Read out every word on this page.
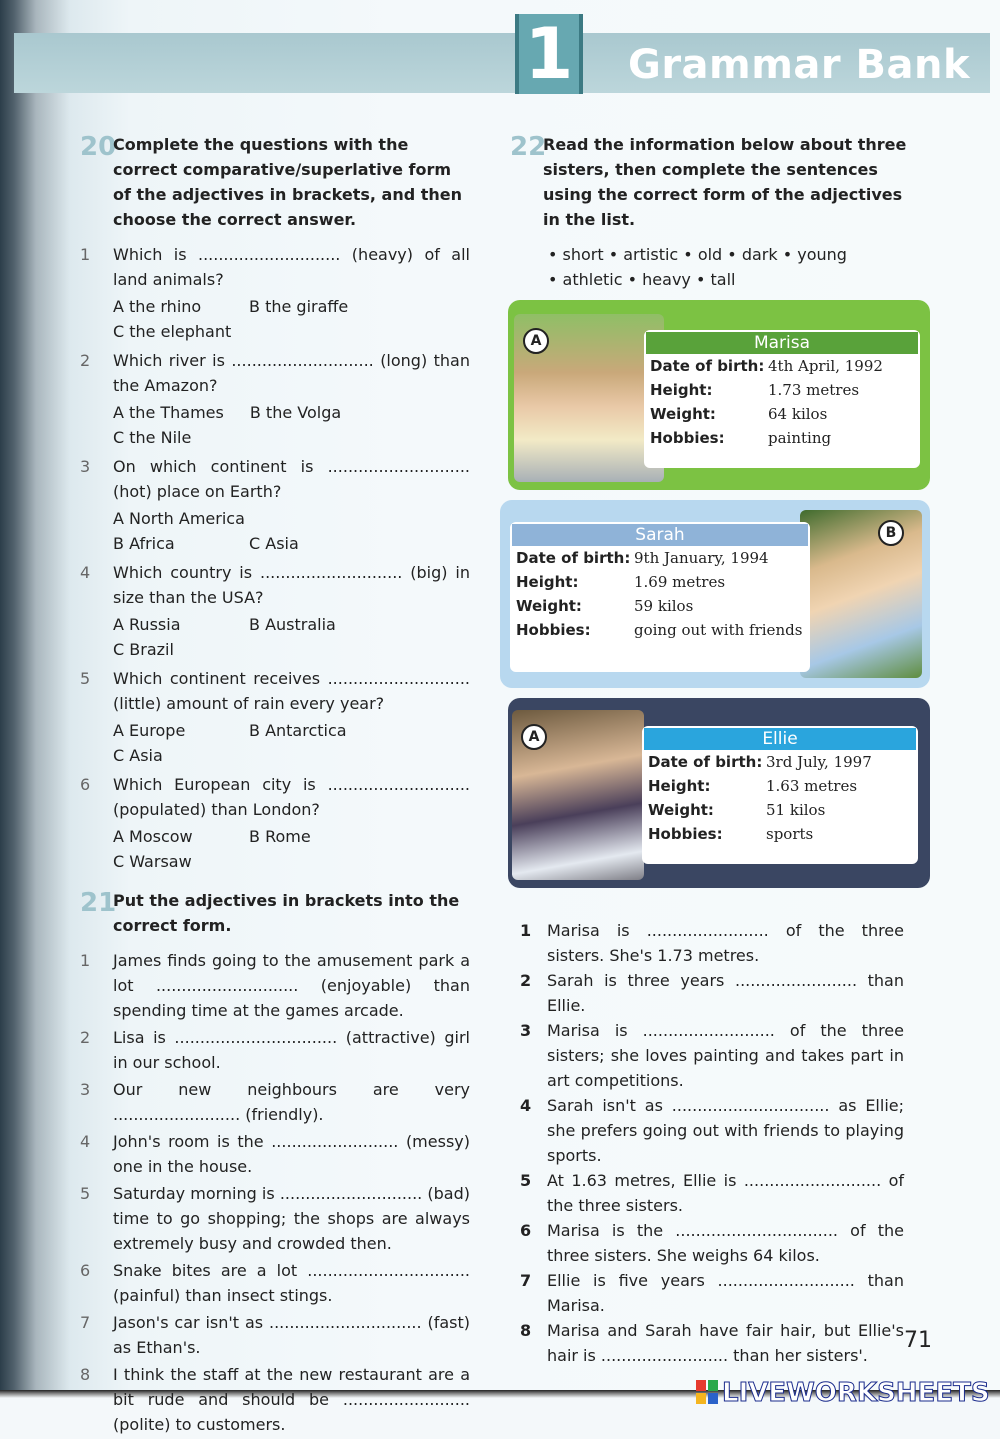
1 Grammar Bank
20
Complete the questions with the correct comparative/superlative form of the adjectives in brackets, and then choose the correct answer.
1	Which is ............................ (heavy) of all land animals?
A the rhino	B the giraffe
C the elephant
2	Which river is ............................ (long) than the Amazon?
A the Thames B the Volga
C the Nile
3	On which continent is ............................ (hot) place on Earth?
A North America
B Africa	C Asia
4	Which country is ............................ (big) in size than the USA?
A Russia	B Australia
C Brazil
5	Which continent receives ............................ (little) amount of rain every year?
A Europe	B Antarctica
C Asia
6	Which European city is ............................ (populated) than London?
A Moscow	B Rome
C Warsaw
21
Put the adjectives in brackets into the correct form.
1	James finds going to the amusement park a lot ............................ (enjoyable) than spending time at the games arcade.
2	Lisa is ................................ (attractive) girl in our school.
3	Our new neighbours are very ......................... (friendly).
4	John's room is the ......................... (messy) one in the house.
5	Saturday morning is ............................ (bad) time to go shopping; the shops are always extremely busy and crowded then.
6	Snake bites are a lot ................................ (painful) than insect stings.
7	Jason's car isn't as .............................. (fast) as Ethan's.
8	I think the staff at the new restaurant are a bit rude and should be ......................... (polite) to customers.
22
Read the information below about three sisters, then complete the sentences using the correct form of the adjectives in the list.
• short • artistic • old • dark • young
• athletic • heavy • tall
Marisa
Date of birth: 4th April, 1992
Height:	1.73 metres
Weight:	64 kilos
Hobbies:	painting
A
Sarah
Date of birth: 9th January, 1994
Height:	1.69 metres
Weight:	59 kilos
Hobbies:	going out with friends
B
Ellie
Date of birth: 3rd July, 1997
Height:	1.63 metres
Weight:	51 kilos
Hobbies:	sports
A
1 Marisa is ........................ of the three sisters. She's 1.73 metres.
2 Sarah is three years ........................ than Ellie.
3 Marisa is .......................... of the three sisters; she loves painting and takes part in art competitions.
4 Sarah isn't as ............................... as Ellie; she prefers going out with friends to playing sports.
5 At 1.63 metres, Ellie is ........................... of the three sisters.
6 Marisa is the ................................ of the three sisters. She weighs 64 kilos.
7 Ellie is five years ........................... than Marisa.
8 Marisa and Sarah have fair hair, but Ellie's hair is ......................... than her sisters'.
71
LIVEWORKSHEETS
